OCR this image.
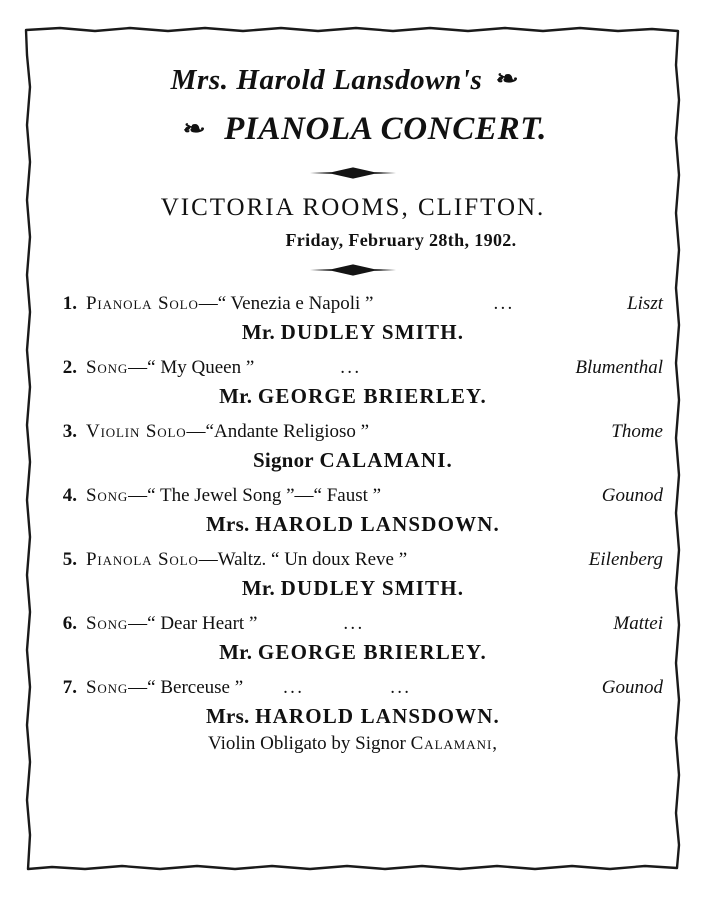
Mrs. Harold Lansdown's ❧
❧ PIANOLA CONCERT.
VICTORIA ROOMS, CLIFTON.
Friday, February 28th, 1902.
1. Pianola Solo—“ Venezia e Napoli ”	...	Liszt
Mr. DUDLEY SMITH.
2. Song—“ My Queen ”	...	Blumenthal
Mr. GEORGE BRIERLEY.
3. Violin Solo—“Andante Religioso ”	Thome
Signor CALAMANI.
4. Song—“ The Jewel Song ”—“ Faust ”	Gounod
Mrs. HAROLD LANSDOWN.
5. Pianola Solo—Waltz. “ Un doux Reve ”	Eilenberg
Mr. DUDLEY SMITH.
6. Song—“ Dear Heart ”	...	Mattei
Mr. GEORGE BRIERLEY.
7. Song—“ Berceuse ” ...	...	Gounod
Mrs. HAROLD LANSDOWN.
Violin Obligato by Signor Calamani,
